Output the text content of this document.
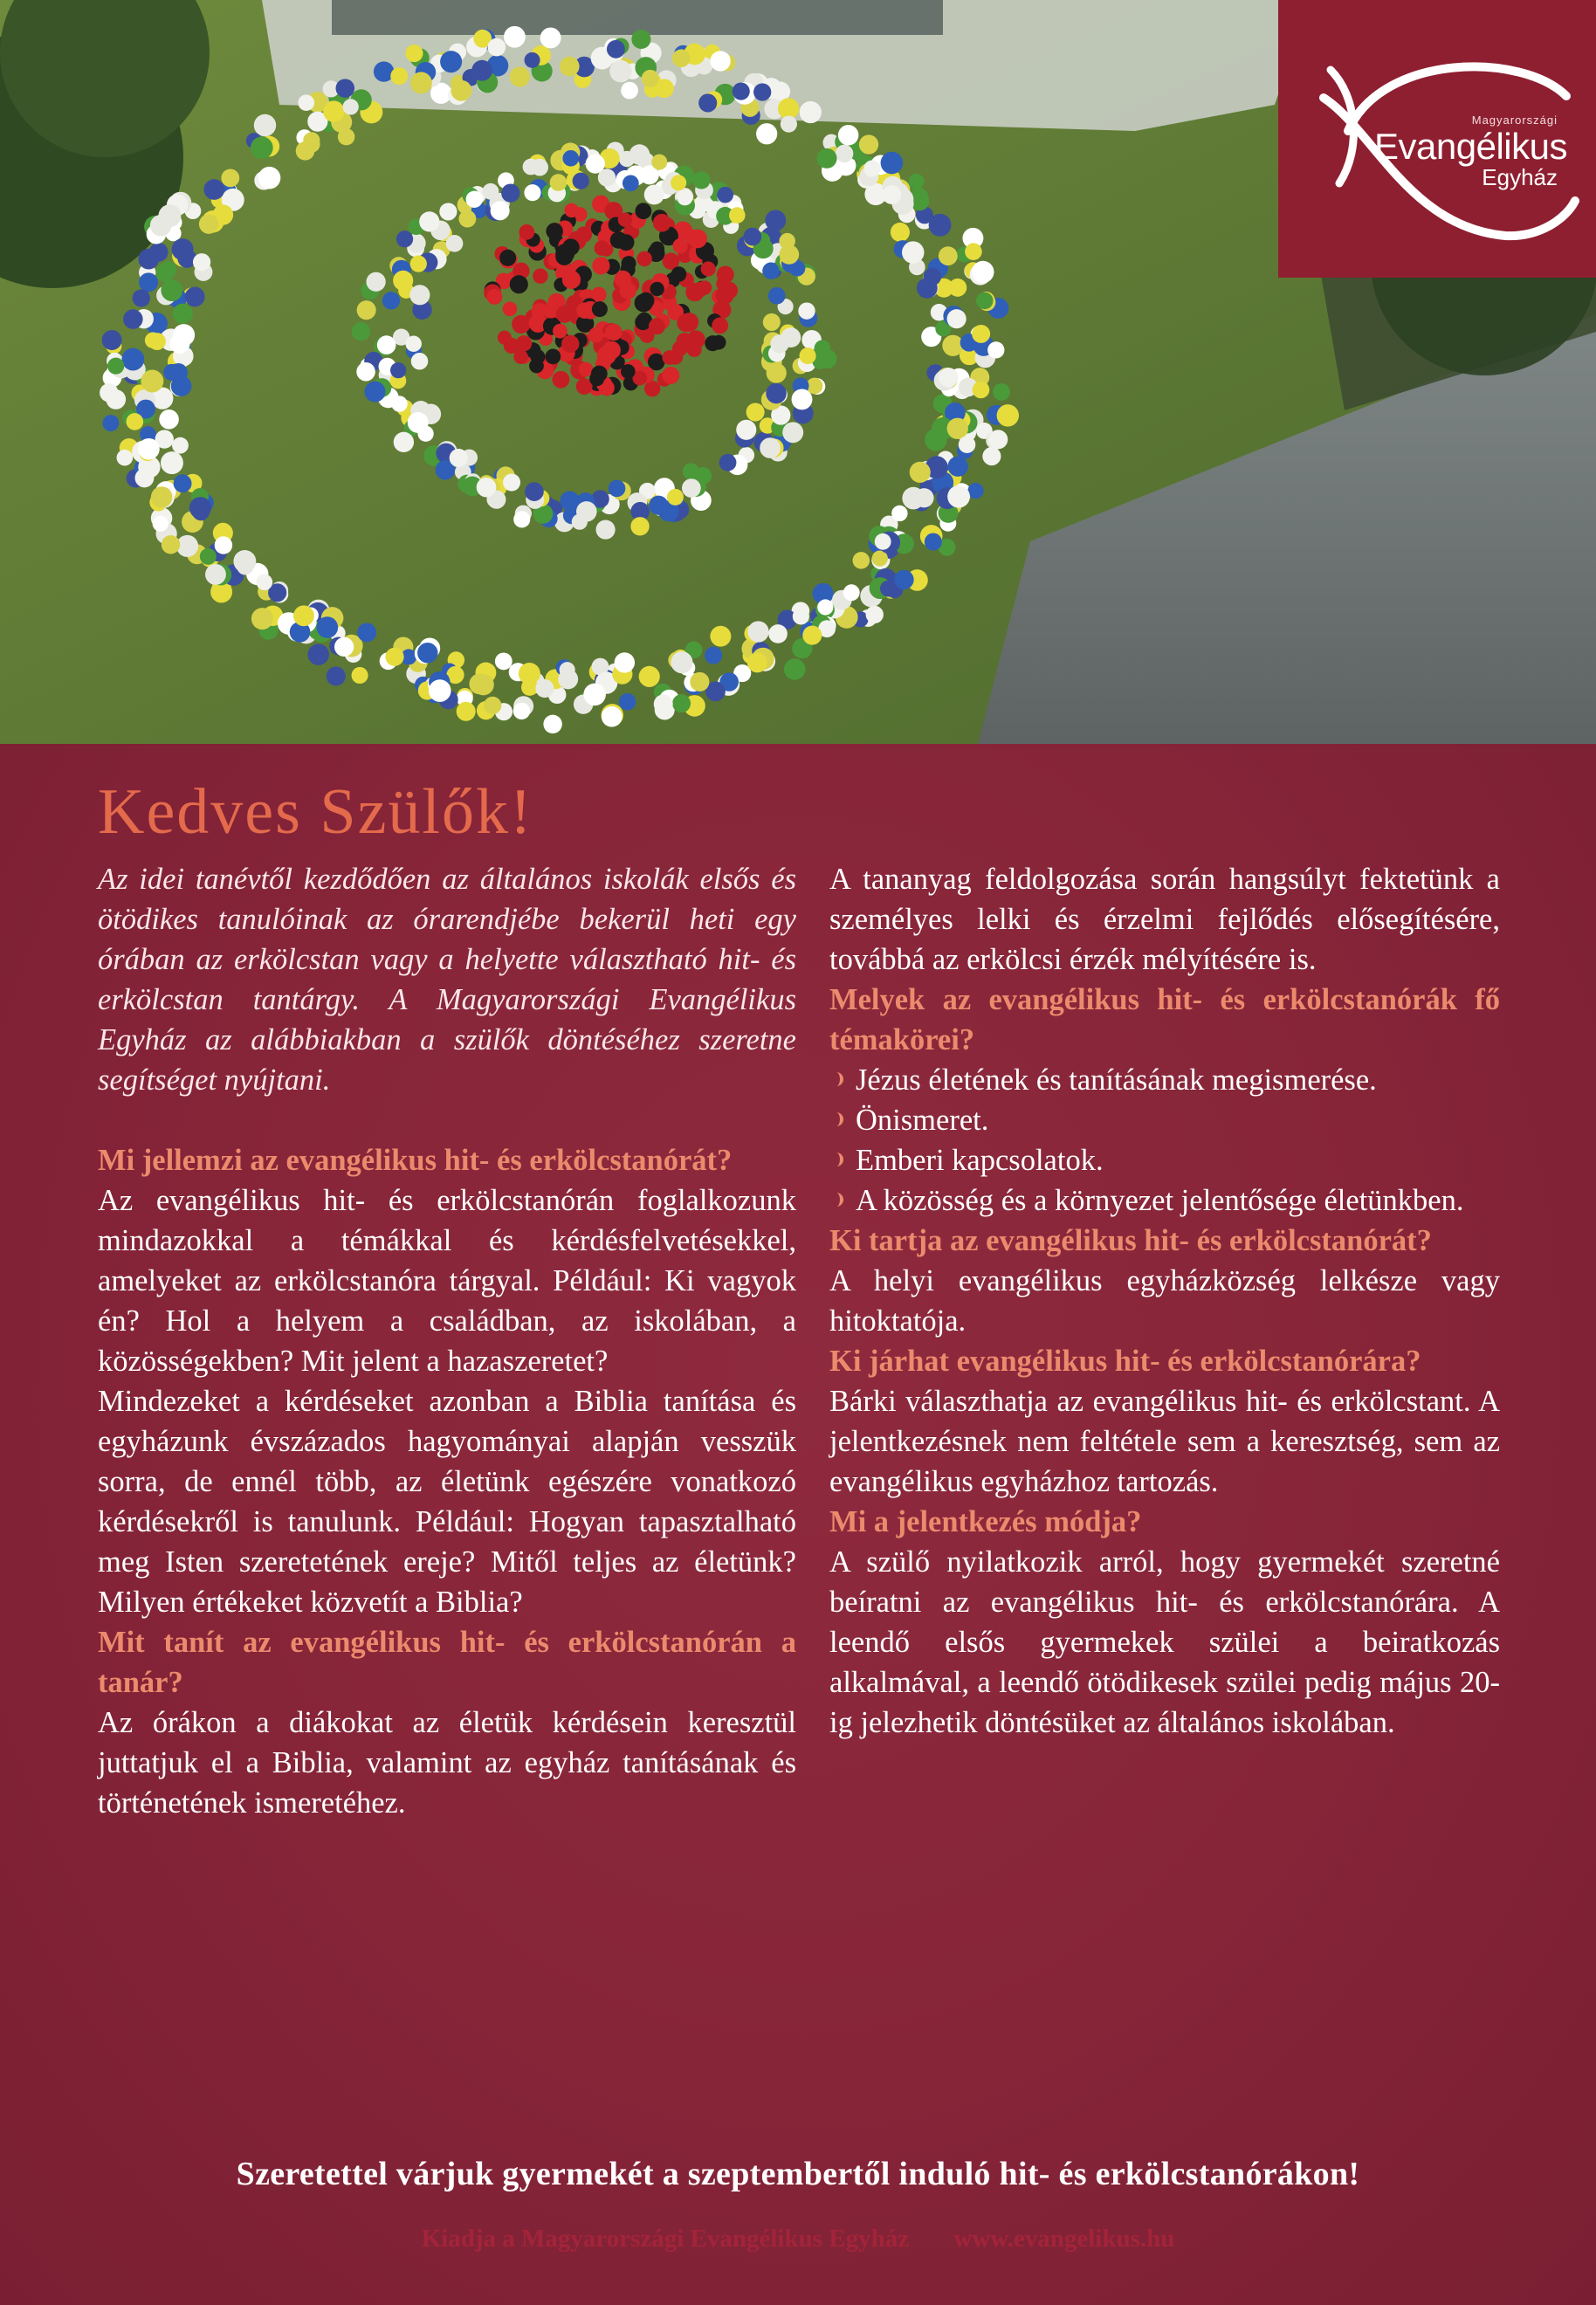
Magyarországi
Evangélikus
Egyház
Kedves Szülők!

Az idei tanévtől kezdődően az általános iskolák elsős és ötödikes tanulóinak az órarendjébe bekerül heti egy órában az erkölcstan vagy a helyette választható hit- és erkölcstan tantárgy. A Magyarországi Evangélikus Egyház az alábbiakban a szülők döntéséhez szeretne segítséget nyújtani.

Mi jellemzi az evangélikus hit- és erkölcstanórát?

Az evangélikus hit- és erkölcstanórán foglalkozunk mindazokkal a témákkal és kérdésfelvetésekkel, amelyeket az erkölcstanóra tárgyal. Például: Ki vagyok én? Hol a helyem a családban, az iskolában, a közösségekben? Mit jelent a hazaszeretet?

Mindezeket a kérdéseket azonban a Biblia tanítása és egyházunk évszázados hagyományai alapján vesszük sorra, de ennél több, az életünk egészére vonatkozó kérdésekről is tanulunk. Például: Hogyan tapasztalható meg Isten szeretetének ereje? Mitől teljes az életünk? Milyen értékeket közvetít a Biblia?

Mit tanít az evangélikus hit- és erkölcstanórán a tanár?

Az órákon a diákokat az életük kérdésein keresztül juttatjuk el a Biblia, valamint az egyház tanításának és történetének ismeretéhez.

A tananyag feldolgozása során hangsúlyt fektetünk a személyes lelki és érzelmi fejlődés elősegítésére, továbbá az erkölcsi érzék mélyítésére is.

Melyek az evangélikus hit- és erkölcstanórák fő témakörei?

Jézus életének és tanításának megismerése.
Önismeret.
Emberi kapcsolatok.
A közösség és a környezet jelentősége életünkben.

Ki tartja az evangélikus hit- és erkölcstanórát?

A helyi evangélikus egyházközség lelkésze vagy hitoktatója.

Ki járhat evangélikus hit- és erkölcstanórára?

Bárki választhatja az evangélikus hit- és erkölcstant. A jelentkezésnek nem feltétele sem a keresztség, sem az evangélikus egyházhoz tartozás.

Mi a jelentkezés módja?

A szülő nyilatkozik arról, hogy gyermekét szeretné beíratni az evangélikus hit- és erkölcstanórára. A leendő elsős gyermekek szülei a beiratkozás alkalmával, a leendő ötödikesek szülei pedig május 20-ig jelezhetik döntésüket az általános iskolában.

Szeretettel várjuk gyermekét a szeptembertől induló hit- és erkölcstanórákon!
Kiadja a Magyarországi Evangélikus Egyház www.evangelikus.hu
